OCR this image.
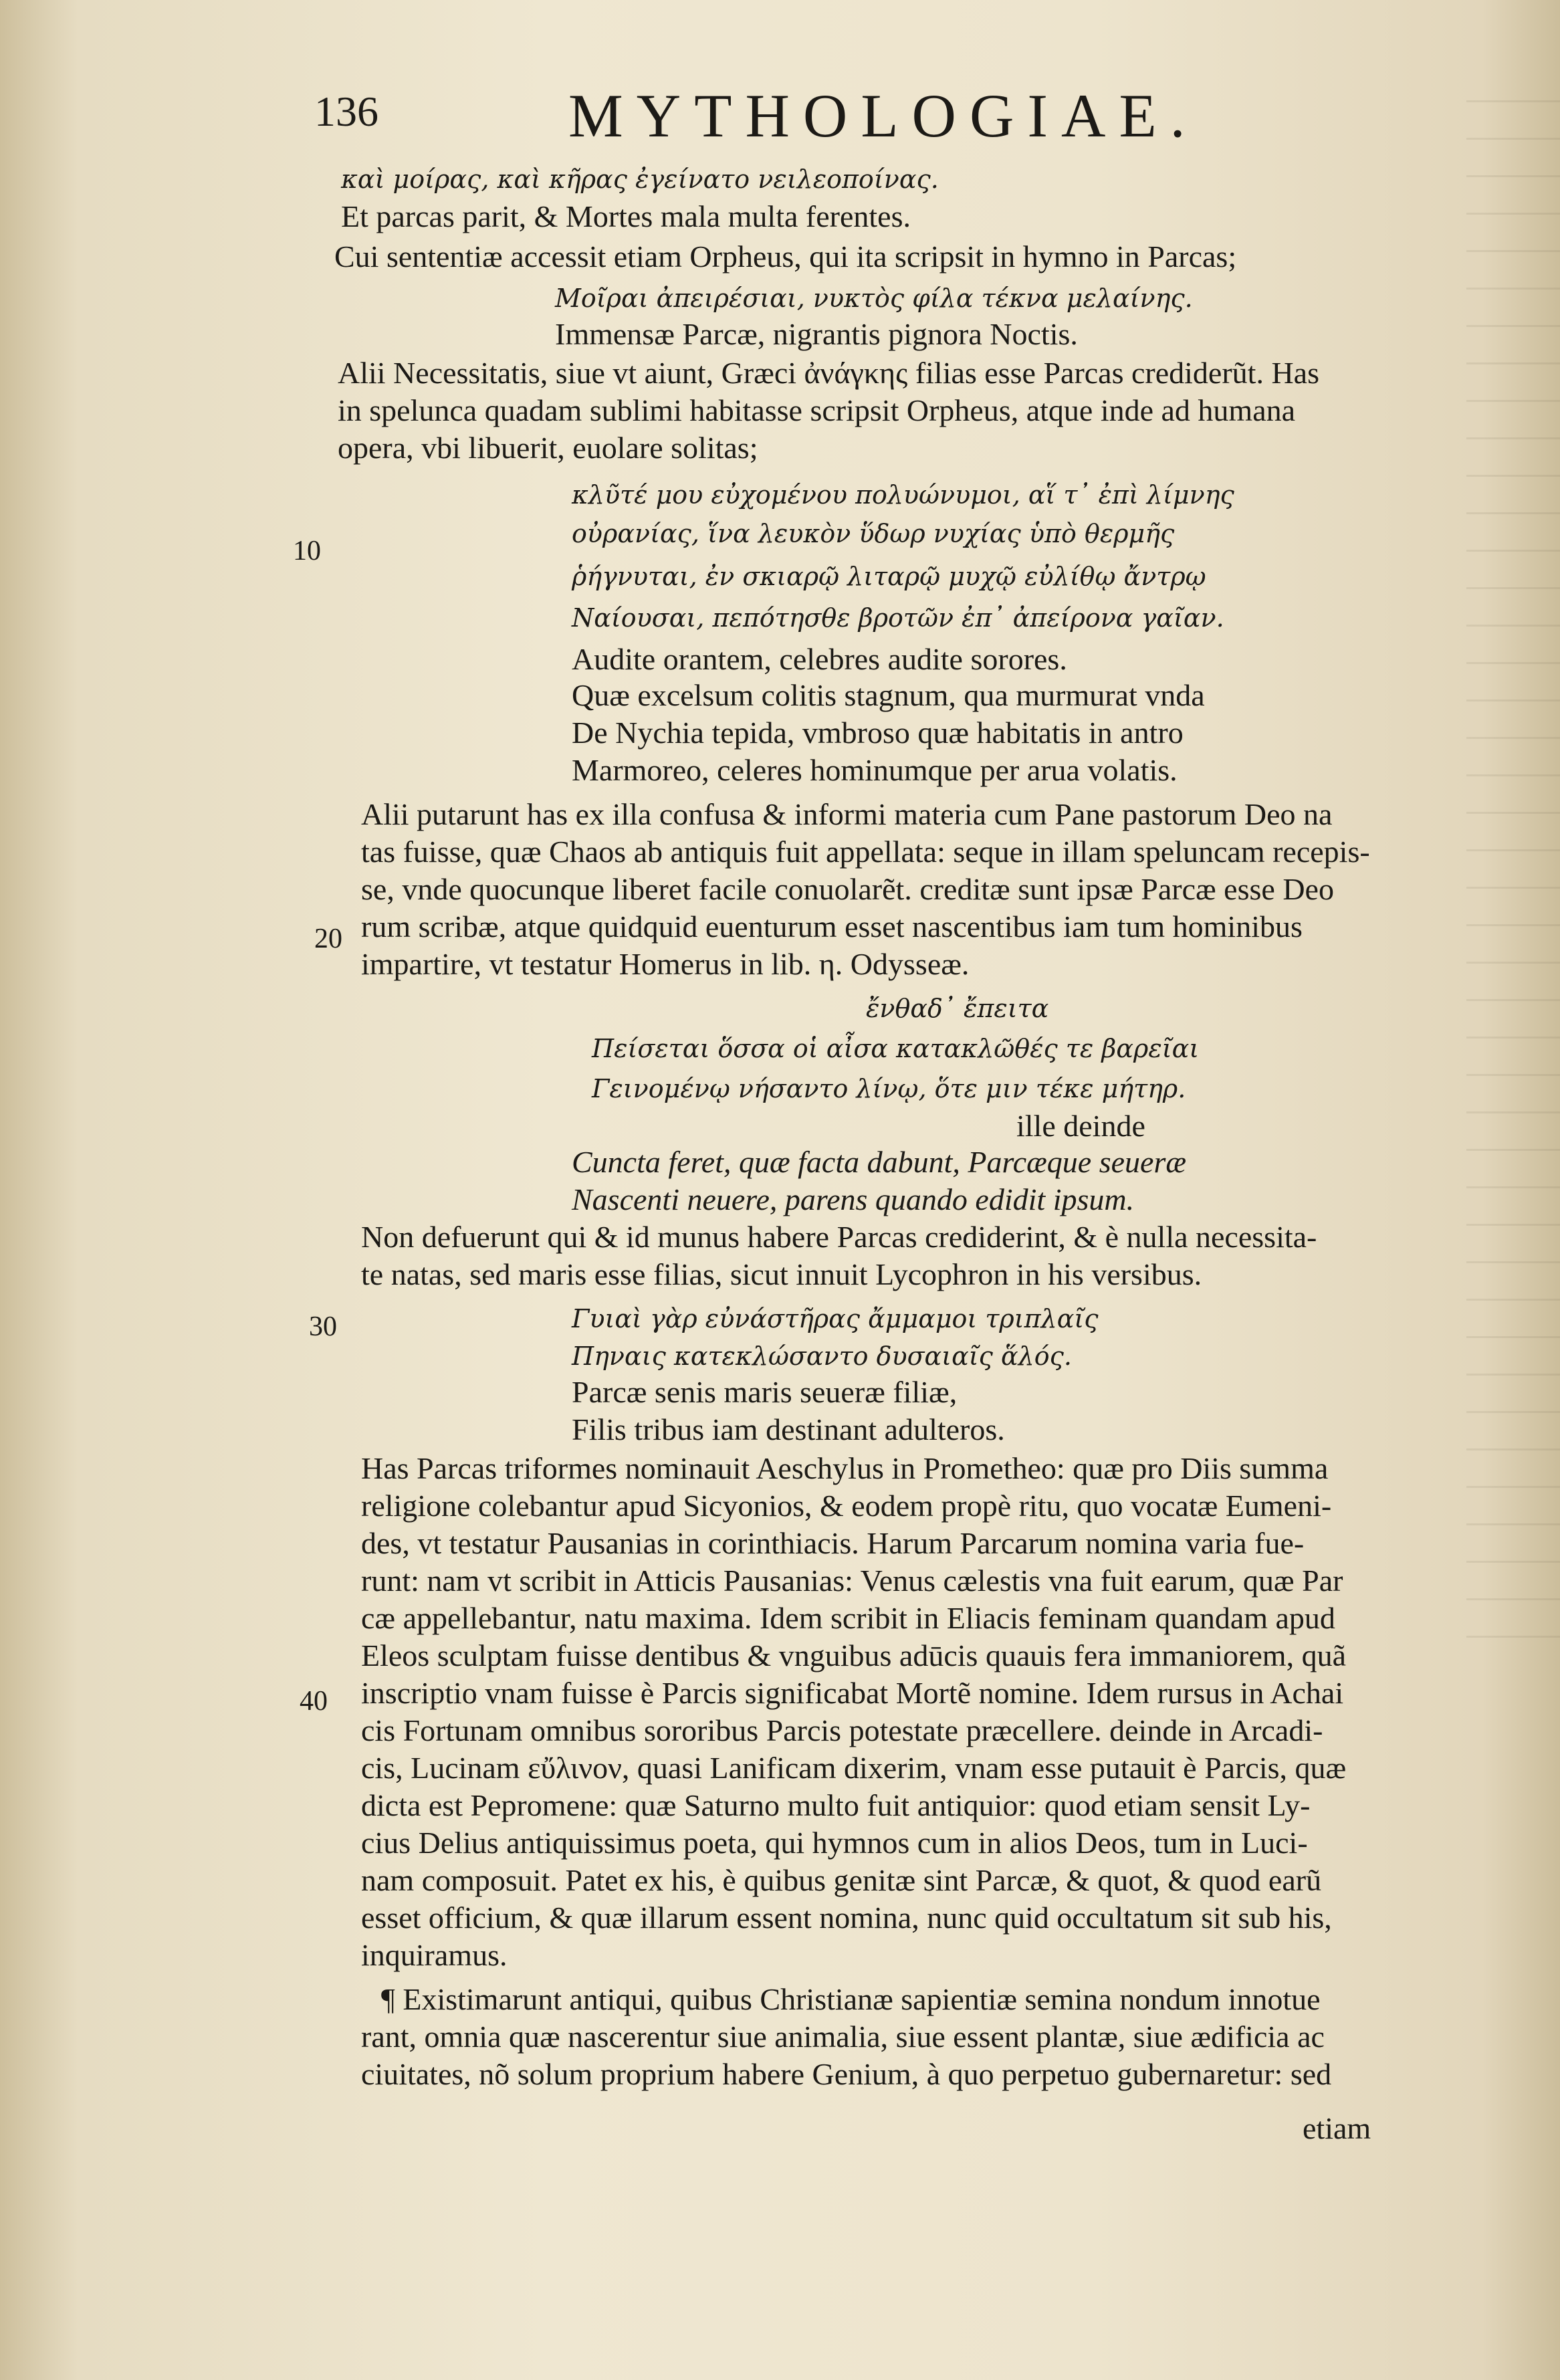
136	MYTHOLOGIAE.
καὶ μοίρας, καὶ κῆρας ἐγείνατο νειλεοποίνας.
Et parcas parit, & Mortes mala multa ferentes.
Cui sententiæ accessit etiam Orpheus, qui ita scripsit in hymno in Parcas;
Μοῖραι ἀπειρέσιαι, νυκτὸς φίλα τέκνα μελαίνης.
Immensæ Parcæ, nigrantis pignora Noctis.
Alii Necessitatis, siue vt aiunt, Græci ἀνάγκης filias esse Parcas crediderũt. Has
in spelunca quadam sublimi habitasse scripsit Orpheus, atque inde ad humana
opera, vbi libuerit, euolare solitas;
κλῦτέ μου εὐχομένου πολυώνυμοι, αἵ τ᾽ ἐπὶ λίμνης
οὐρανίας, ἵνα λευκὸν ὕδωρ νυχίας ὑπὸ θερμῆς
ῥήγνυται, ἐν σκιαρῷ λιταρῷ μυχῷ εὐλίθῳ ἄντρῳ
Ναίουσαι, πεπότησθε βροτῶν ἐπ᾽ ἀπείρονα γαῖαν.
Audite orantem, celebres audite sorores.
Quæ excelsum colitis stagnum, qua murmurat vnda
De Nychia tepida, vmbroso quæ habitatis in antro
Marmoreo, celeres hominumque per arua volatis.
Alii putarunt has ex illa confusa & informi materia cum Pane pastorum Deo na
tas fuisse, quæ Chaos ab antiquis fuit appellata: seque in illam speluncam recepis-
se, vnde quocunque liberet facile conuolarẽt. creditæ sunt ipsæ Parcæ esse Deo
rum scribæ, atque quidquid euenturum esset nascentibus iam tum hominibus
impartire, vt testatur Homerus in lib. η. Odysseæ.
ἔνθαδ᾽ ἔπειτα
Πείσεται ὅσσα οἱ αἶσα κατακλῶθές τε βαρεῖαι
Γεινομένῳ νήσαντο λίνῳ, ὅτε μιν τέκε μήτηρ.
ille deinde
Cuncta feret, quæ facta dabunt, Parcæque seueræ
Nascenti neuere, parens quando edidit ipsum.
Non defuerunt qui & id munus habere Parcas crediderint, & è nulla necessita-
te natas, sed maris esse filias, sicut innuit Lycophron in his versibus.
Γυιαὶ γὰρ εὐνάστῆρας ἄμμαμοι τριπλαῖς
Πηναις κατεκλώσαντο δυσαιαῖς ἅλός.
Parcæ senis maris seueræ filiæ,
Filis tribus iam destinant adulteros.
Has Parcas triformes nominauit Aeschylus in Prometheo: quæ pro Diis summa
religione colebantur apud Sicyonios, & eodem propè ritu, quo vocatæ Eumeni-
des, vt testatur Pausanias in corinthiacis. Harum Parcarum nomina varia fue-
runt: nam vt scribit in Atticis Pausanias: Venus cælestis vna fuit earum, quæ Par
cæ appellebantur, natu maxima. Idem scribit in Eliacis feminam quandam apud
Eleos sculptam fuisse dentibus & vnguibus adūcis quauis fera immaniorem, quã
inscriptio vnam fuisse è Parcis significabat Mortẽ nomine. Idem rursus in Achai
cis Fortunam omnibus sororibus Parcis potestate præcellere. deinde in Arcadi-
cis, Lucinam εὔλινον, quasi Lanificam dixerim, vnam esse putauit è Parcis, quæ
dicta est Pepromene: quæ Saturno multo fuit antiquior: quod etiam sensit Ly-
cius Delius antiquissimus poeta, qui hymnos cum in alios Deos, tum in Luci-
nam composuit. Patet ex his, è quibus genitæ sint Parcæ, & quot, & quod earũ
esset officium, & quæ illarum essent nomina, nunc quid occultatum sit sub his,
inquiramus.
¶ Existimarunt antiqui, quibus Christianæ sapientiæ semina nondum innotue
rant, omnia quæ nascerentur siue animalia, siue essent plantæ, siue ædificia ac
ciuitates, nõ solum proprium habere Genium, à quo perpetuo gubernaretur: sed
10
20
30
40
etiam
